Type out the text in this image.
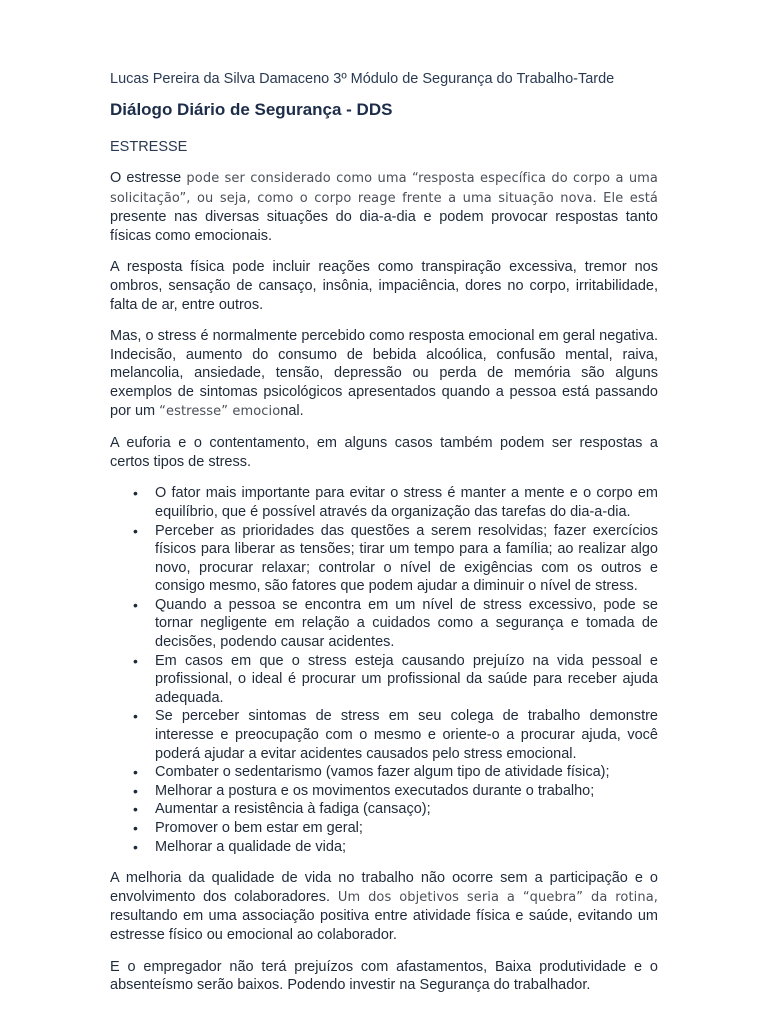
Lucas Pereira da Silva Damaceno 3º Módulo de Segurança do Trabalho-Tarde
Diálogo Diário de Segurança - DDS
ESTRESSE

O estresse pode ser considerado como uma “resposta específica do corpo a uma solicitação”, ou seja, como o corpo reage frente a uma situação nova. Ele está presente nas diversas situações do dia-a-dia e podem provocar respostas tanto físicas como emocionais.

A resposta física pode incluir reações como transpiração excessiva, tremor nos ombros, sensação de cansaço, insônia, impaciência, dores no corpo, irritabilidade, falta de ar, entre outros.

Mas, o stress é normalmente percebido como resposta emocional em geral negativa. Indecisão, aumento do consumo de bebida alcoólica, confusão mental, raiva, melancolia, ansiedade, tensão, depressão ou perda de memória são alguns exemplos de sintomas psicológicos apresentados quando a pessoa está passando por um “estresse” emocional.

A euforia e o contentamento, em alguns casos também podem ser respostas a certos tipos de stress.

• O fator mais importante para evitar o stress é manter a mente e o corpo em equilíbrio, que é possível através da organização das tarefas do dia-a-dia.
• Perceber as prioridades das questões a serem resolvidas; fazer exercícios físicos para liberar as tensões; tirar um tempo para a família; ao realizar algo novo, procurar relaxar; controlar o nível de exigências com os outros e consigo mesmo, são fatores que podem ajudar a diminuir o nível de stress.
• Quando a pessoa se encontra em um nível de stress excessivo, pode se tornar negligente em relação a cuidados como a segurança e tomada de decisões, podendo causar acidentes.
• Em casos em que o stress esteja causando prejuízo na vida pessoal e profissional, o ideal é procurar um profissional da saúde para receber ajuda adequada.
• Se perceber sintomas de stress em seu colega de trabalho demonstre interesse e preocupação com o mesmo e oriente-o a procurar ajuda, você poderá ajudar a evitar acidentes causados pelo stress emocional.
• Combater o sedentarismo (vamos fazer algum tipo de atividade física);
• Melhorar a postura e os movimentos executados durante o trabalho;
• Aumentar a resistência à fadiga (cansaço);
• Promover o bem estar em geral;
• Melhorar a qualidade de vida;

A melhoria da qualidade de vida no trabalho não ocorre sem a participação e o envolvimento dos colaboradores. Um dos objetivos seria a “quebra” da rotina, resultando em uma associação positiva entre atividade física e saúde, evitando um estresse físico ou emocional ao colaborador.

E o empregador não terá prejuízos com afastamentos, Baixa produtividade e o absenteísmo serão baixos. Podendo investir na Segurança do trabalhador.
